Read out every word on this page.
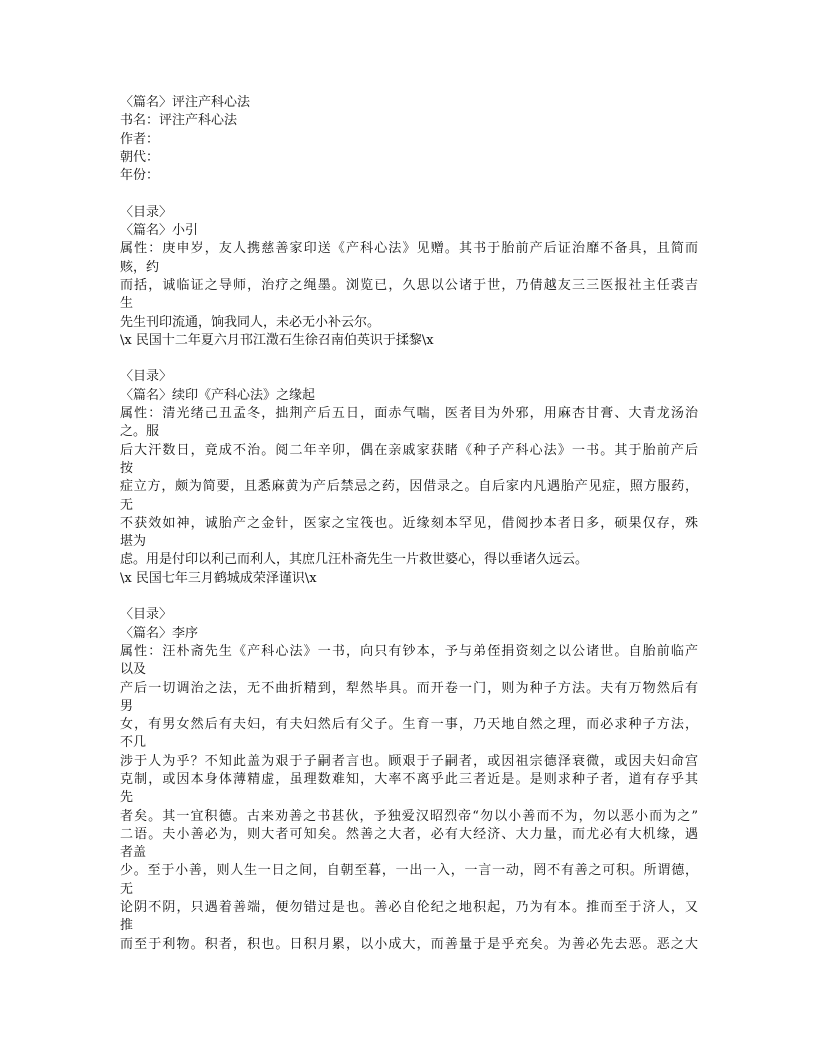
〈篇名〉评注产科心法
书名：评注产科心法
作者：
朝代：
年份：
〈目录〉
〈篇名〉小引
属性：庚申岁，友人携慈善家印送《产科心法》见赠。其书于胎前产后证治靡不备具，且简而
赅，约
而括，诚临证之导师，治疗之绳墨。浏览已，久思以公诸于世，乃倩越友三三医报社主任裘吉
生
先生刊印流通，饷我同人，未必无小补云尔。
\x 民国十二年夏六月邗江澂石生徐召南伯英识于揉黎\x
〈目录〉
〈篇名〉续印《产科心法》之缘起
属性：清光绪己丑孟冬，拙荆产后五日，面赤气喘，医者目为外邪，用麻杏甘膏、大青龙汤治
之。服
后大汗数日，竟成不治。阅二年辛卯，偶在亲戚家获睹《种子产科心法》一书。其于胎前产后
按
症立方，颇为简要，且悉麻黄为产后禁忌之药，因借录之。自后家内凡遇胎产见症，照方服药，
无
不获效如神，诚胎产之金针，医家之宝筏也。近缘刻本罕见，借阅抄本者日多，硕果仅存，殊
堪为
虑。用是付印以利己而利人，其庶几汪朴斋先生一片救世婆心，得以垂诸久远云。
\x 民国七年三月鹤城成荣泽谨识\x
〈目录〉
〈篇名〉李序
属性：汪朴斋先生《产科心法》一书，向只有钞本，予与弟侄捐资刻之以公诸世。自胎前临产
以及
产后一切调治之法，无不曲折精到，犁然毕具。而开卷一门，则为种子方法。夫有万物然后有
男
女，有男女然后有夫妇，有夫妇然后有父子。生育一事，乃天地自然之理，而必求种子方法，
不几
涉于人为乎？不知此盖为艰于子嗣者言也。顾艰于子嗣者，或因祖宗德泽衰微，或因夫妇命宫
克制，或因本身体薄精虚，虽理数难知，大率不离乎此三者近是。是则求种子者，道有存乎其
先
者矣。其一宜积德。古来劝善之书甚伙，予独爱汉昭烈帝“勿以小善而不为，勿以恶小而为之”
二语。夫小善必为，则大者可知矣。然善之大者，必有大经济、大力量，而尤必有大机缘，遇
者盖
少。至于小善，则人生一日之间，自朝至暮，一出一入，一言一动，罔不有善之可积。所谓德，
无
论阴不阴，只遇着善端，便勿错过是也。善必自伦纪之地积起，乃为有本。推而至于济人，又
推
而至于利物。积者，积也。日积月累，以小成大，而善量于是乎充矣。为善必先去恶。恶之大
